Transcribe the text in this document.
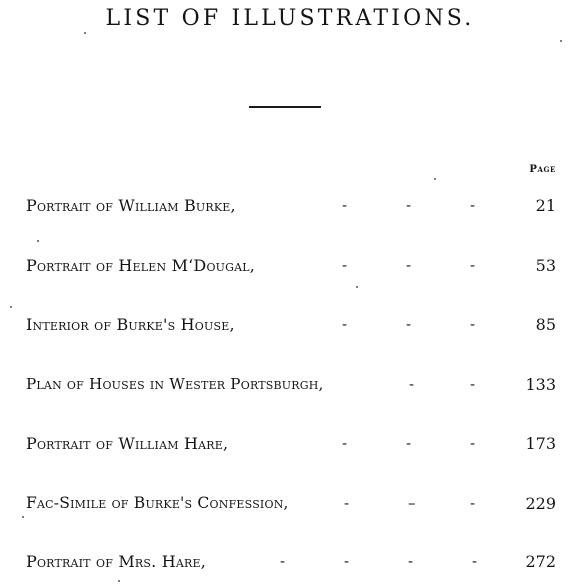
LIST OF ILLUSTRATIONS.
Page
Portrait of William Burke,	-	-	-	21
Portrait of Helen M‘Dougal,	-	-	-	53
Interior of Burke's House,	-	-	-	85
Plan of Houses in Wester Portsburgh,	-	-	133
Portrait of William Hare,	-	-	-	173
Fac-Simile of Burke's Confession,	-	–	-	229
Portrait of Mrs. Hare,	-	-	-	-	272
